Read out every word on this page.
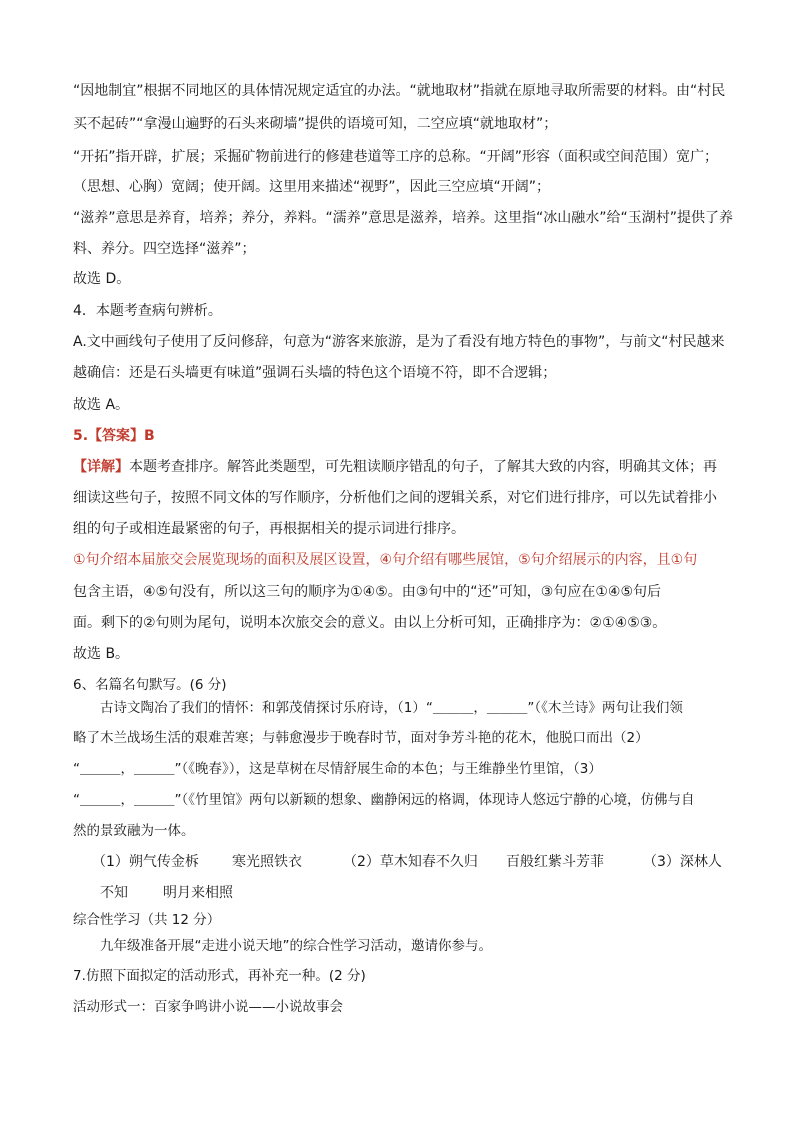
“因地制宜”根据不同地区的具体情况规定适宜的办法。“就地取材”指就在原地寻取所需要的材料。由“村民

买不起砖”“拿漫山遍野的石头来砌墙”提供的语境可知，二空应填“就地取材”；

“开拓”指开辟，扩展；采掘矿物前进行的修建巷道等工序的总称。“开阔”形容（面积或空间范围）宽广；

（思想、心胸）宽阔；使开阔。这里用来描述“视野”，因此三空应填“开阔”；

“滋养”意思是养育，培养；养分，养料。“濡养”意思是滋养，培养。这里指“冰山融水”给“玉湖村”提供了养

料、养分。四空选择“滋养”；

故选 D。

4．本题考查病句辨析。

A.文中画线句子使用了反问修辞，句意为“游客来旅游，是为了看没有地方特色的事物”，与前文“村民越来

越确信：还是石头墙更有味道”强调石头墙的特色这个语境不符，即不合逻辑；

故选 A。

5.【答案】B

【详解】本题考查排序。解答此类题型，可先粗读顺序错乱的句子，了解其大致的内容，明确其文体；再

细读这些句子，按照不同文体的写作顺序，分析他们之间的逻辑关系，对它们进行排序，可以先试着排小

组的句子或相连最紧密的句子，再根据相关的提示词进行排序。

①句介绍本届旅交会展览现场的面积及展区设置，④句介绍有哪些展馆，⑤句介绍展示的内容，且①句

包含主语，④⑤句没有，所以这三句的顺序为①④⑤。由③句中的“还”可知，③句应在①④⑤句后

面。剩下的②句则为尾句，说明本次旅交会的意义。由以上分析可知，正确排序为：②①④⑤③。

故选 B。

6、名篇名句默写。(6 分)

古诗文陶冶了我们的情怀：和郭茂倩探讨乐府诗，（1）“＿＿＿，＿＿＿”（《木兰诗》两句让我们领

略了木兰战场生活的艰难苦寒；与韩愈漫步于晚春时节，面对争芳斗艳的花木，他脱口而出（2）

“＿＿＿，＿＿＿”（《晚春》），这是草树在尽情舒展生命的本色；与王维静坐竹里馆，（3）

“＿＿＿，＿＿＿”（《竹里馆》两句以新颖的想象、幽静闲远的格调，体现诗人悠远宁静的心境，仿佛与自

然的景致融为一体。

（1）朔气传金柝 寒光照铁衣	（2）草木知春不久归 百般红紫斗芳菲	（3）深林人

不知	明月来相照

综合性学习（共 12 分）

九年级准备开展“走进小说天地”的综合性学习活动，邀请你参与。

7.仿照下面拟定的活动形式，再补充一种。(2 分)

活动形式一：百家争鸣讲小说——小说故事会
